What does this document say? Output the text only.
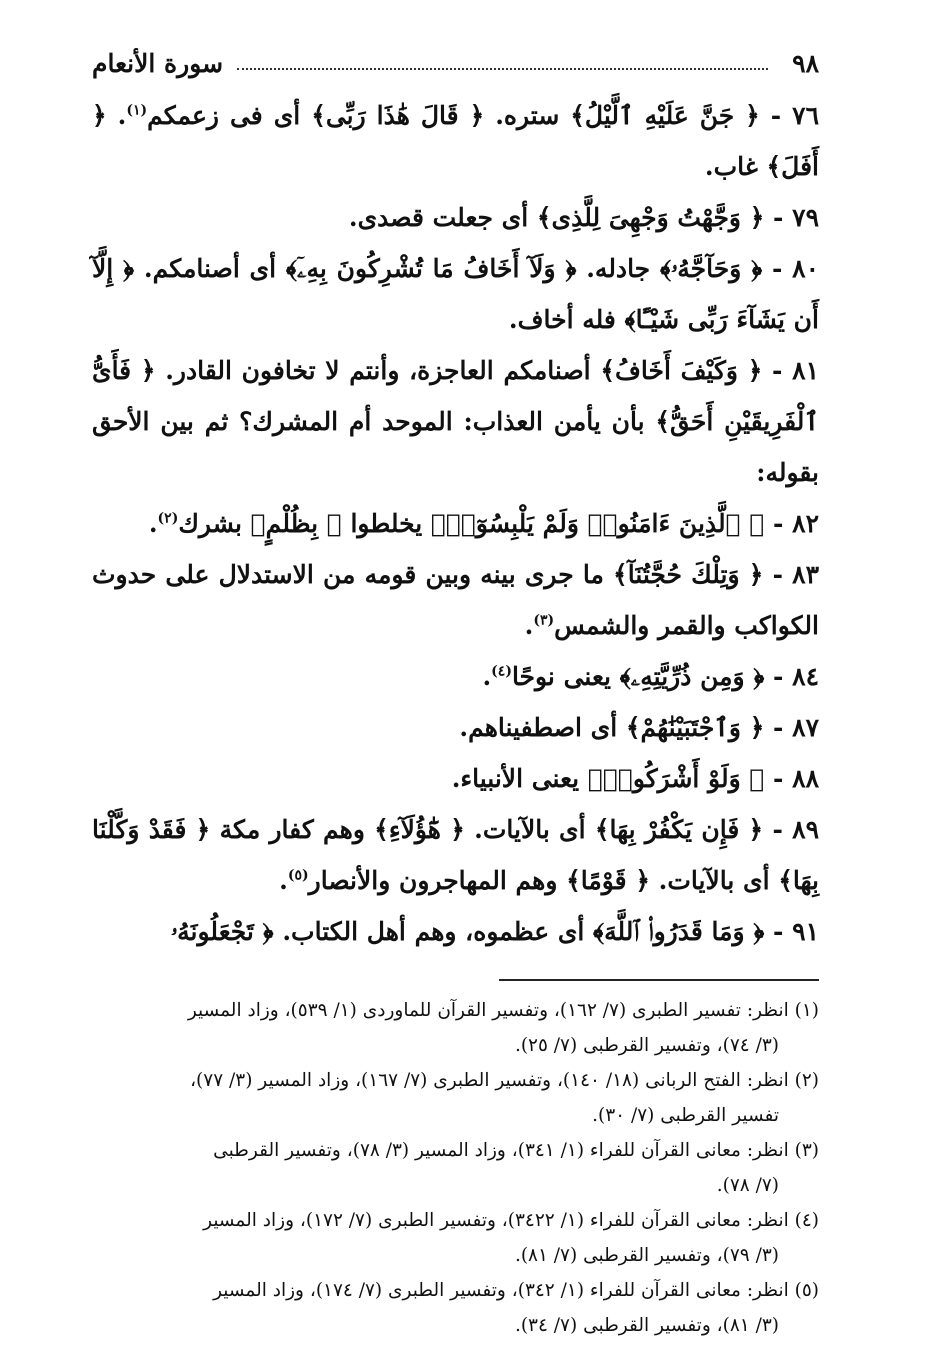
٩٨
سورة الأنعام
٧٦ - ﴿ جَنَّ عَلَيْهِ ٱلَّيْلُ﴾ ستره. ﴿ قَالَ هَٰذَا رَبِّى﴾ أى فى زعمكم$^{(١)}$. ﴿ أَفَلَ﴾ غاب.
٧٩ - ﴿ وَجَّهْتُ وَجْهِىَ لِلَّذِى﴾ أى جعلت قصدى.
٨٠ - ﴿ وَحَآجَّهُۥ﴾ جادله. ﴿ وَلَآ أَخَافُ مَا تُشْرِكُونَ بِهِۦٓ﴾ أى أصنامكم. ﴿ إِلَّآ أَن يَشَآءَ رَبِّى شَيْـًٔا﴾ فله أخاف.
٨١ - ﴿ وَكَيْفَ أَخَافُ﴾ أصنامكم العاجزة، وأنتم لا تخافون القادر. ﴿ فَأَىُّ ٱلْفَرِيقَيْنِ أَحَقُّ﴾ بأن يأمن العذاب: الموحد أم المشرك؟ ثم بين الأحق بقوله:
٨٢ - ﴿ ٱلَّذِينَ ءَامَنُوا۟ وَلَمْ يَلْبِسُوٓا۟﴾ يخلطوا ﴿ بِظُلْمٍ﴾ بشرك$^{(٢)}$.
٨٣ - ﴿ وَتِلْكَ حُجَّتُنَآ﴾ ما جرى بينه وبين قومه من الاستدلال على حدوث الكواكب والقمر والشمس$^{(٣)}$.
٨٤ - ﴿ وَمِن ذُرِّيَّتِهِۦ﴾ يعنى نوحًا$^{(٤)}$.
٨٧ - ﴿ وَٱجْتَبَيْنَٰهُمْ﴾ أى اصطفيناهم.
٨٨ - ﴿ وَلَوْ أَشْرَكُوا۟﴾ يعنى الأنبياء.
٨٩ - ﴿ فَإِن يَكْفُرْ بِهَا﴾ أى بالآيات. ﴿ هَٰٓؤُلَآءِ﴾ وهم كفار مكة ﴿ فَقَدْ وَكَّلْنَا بِهَا﴾ أى بالآيات. ﴿ قَوْمًا﴾ وهم المهاجرون والأنصار$^{(٥)}$.
٩١ - ﴿ وَمَا قَدَرُوا۟ ٱللَّهَ﴾ أى عظموه، وهم أهل الكتاب. ﴿ تَجْعَلُونَهُۥ
(١) انظر: تفسير الطبرى (٧/ ١٦٢)، وتفسير القرآن للماوردى (١/ ٥٣٩)، وزاد المسير
(٣/ ٧٤)، وتفسير القرطبى (٧/ ٢٥).
(٢) انظر: الفتح الربانى (١٨/ ١٤٠)، وتفسير الطبرى (٧/ ١٦٧)، وزاد المسير (٣/ ٧٧)،
تفسير القرطبى (٧/ ٣٠).
(٣) انظر: معانى القرآن للفراء (١/ ٣٤١)، وزاد المسير (٣/ ٧٨)، وتفسير القرطبى
(٧/ ٧٨).
(٤) انظر: معانى القرآن للفراء (١/ ٣٤٢٢)، وتفسير الطبرى (٧/ ١٧٢)، وزاد المسير
(٣/ ٧٩)، وتفسير القرطبى (٧/ ٨١).
(٥) انظر: معانى القرآن للفراء (١/ ٣٤٢)، وتفسير الطبرى (٧/ ١٧٤)، وزاد المسير
(٣/ ٨١)، وتفسير القرطبى (٧/ ٣٤).
